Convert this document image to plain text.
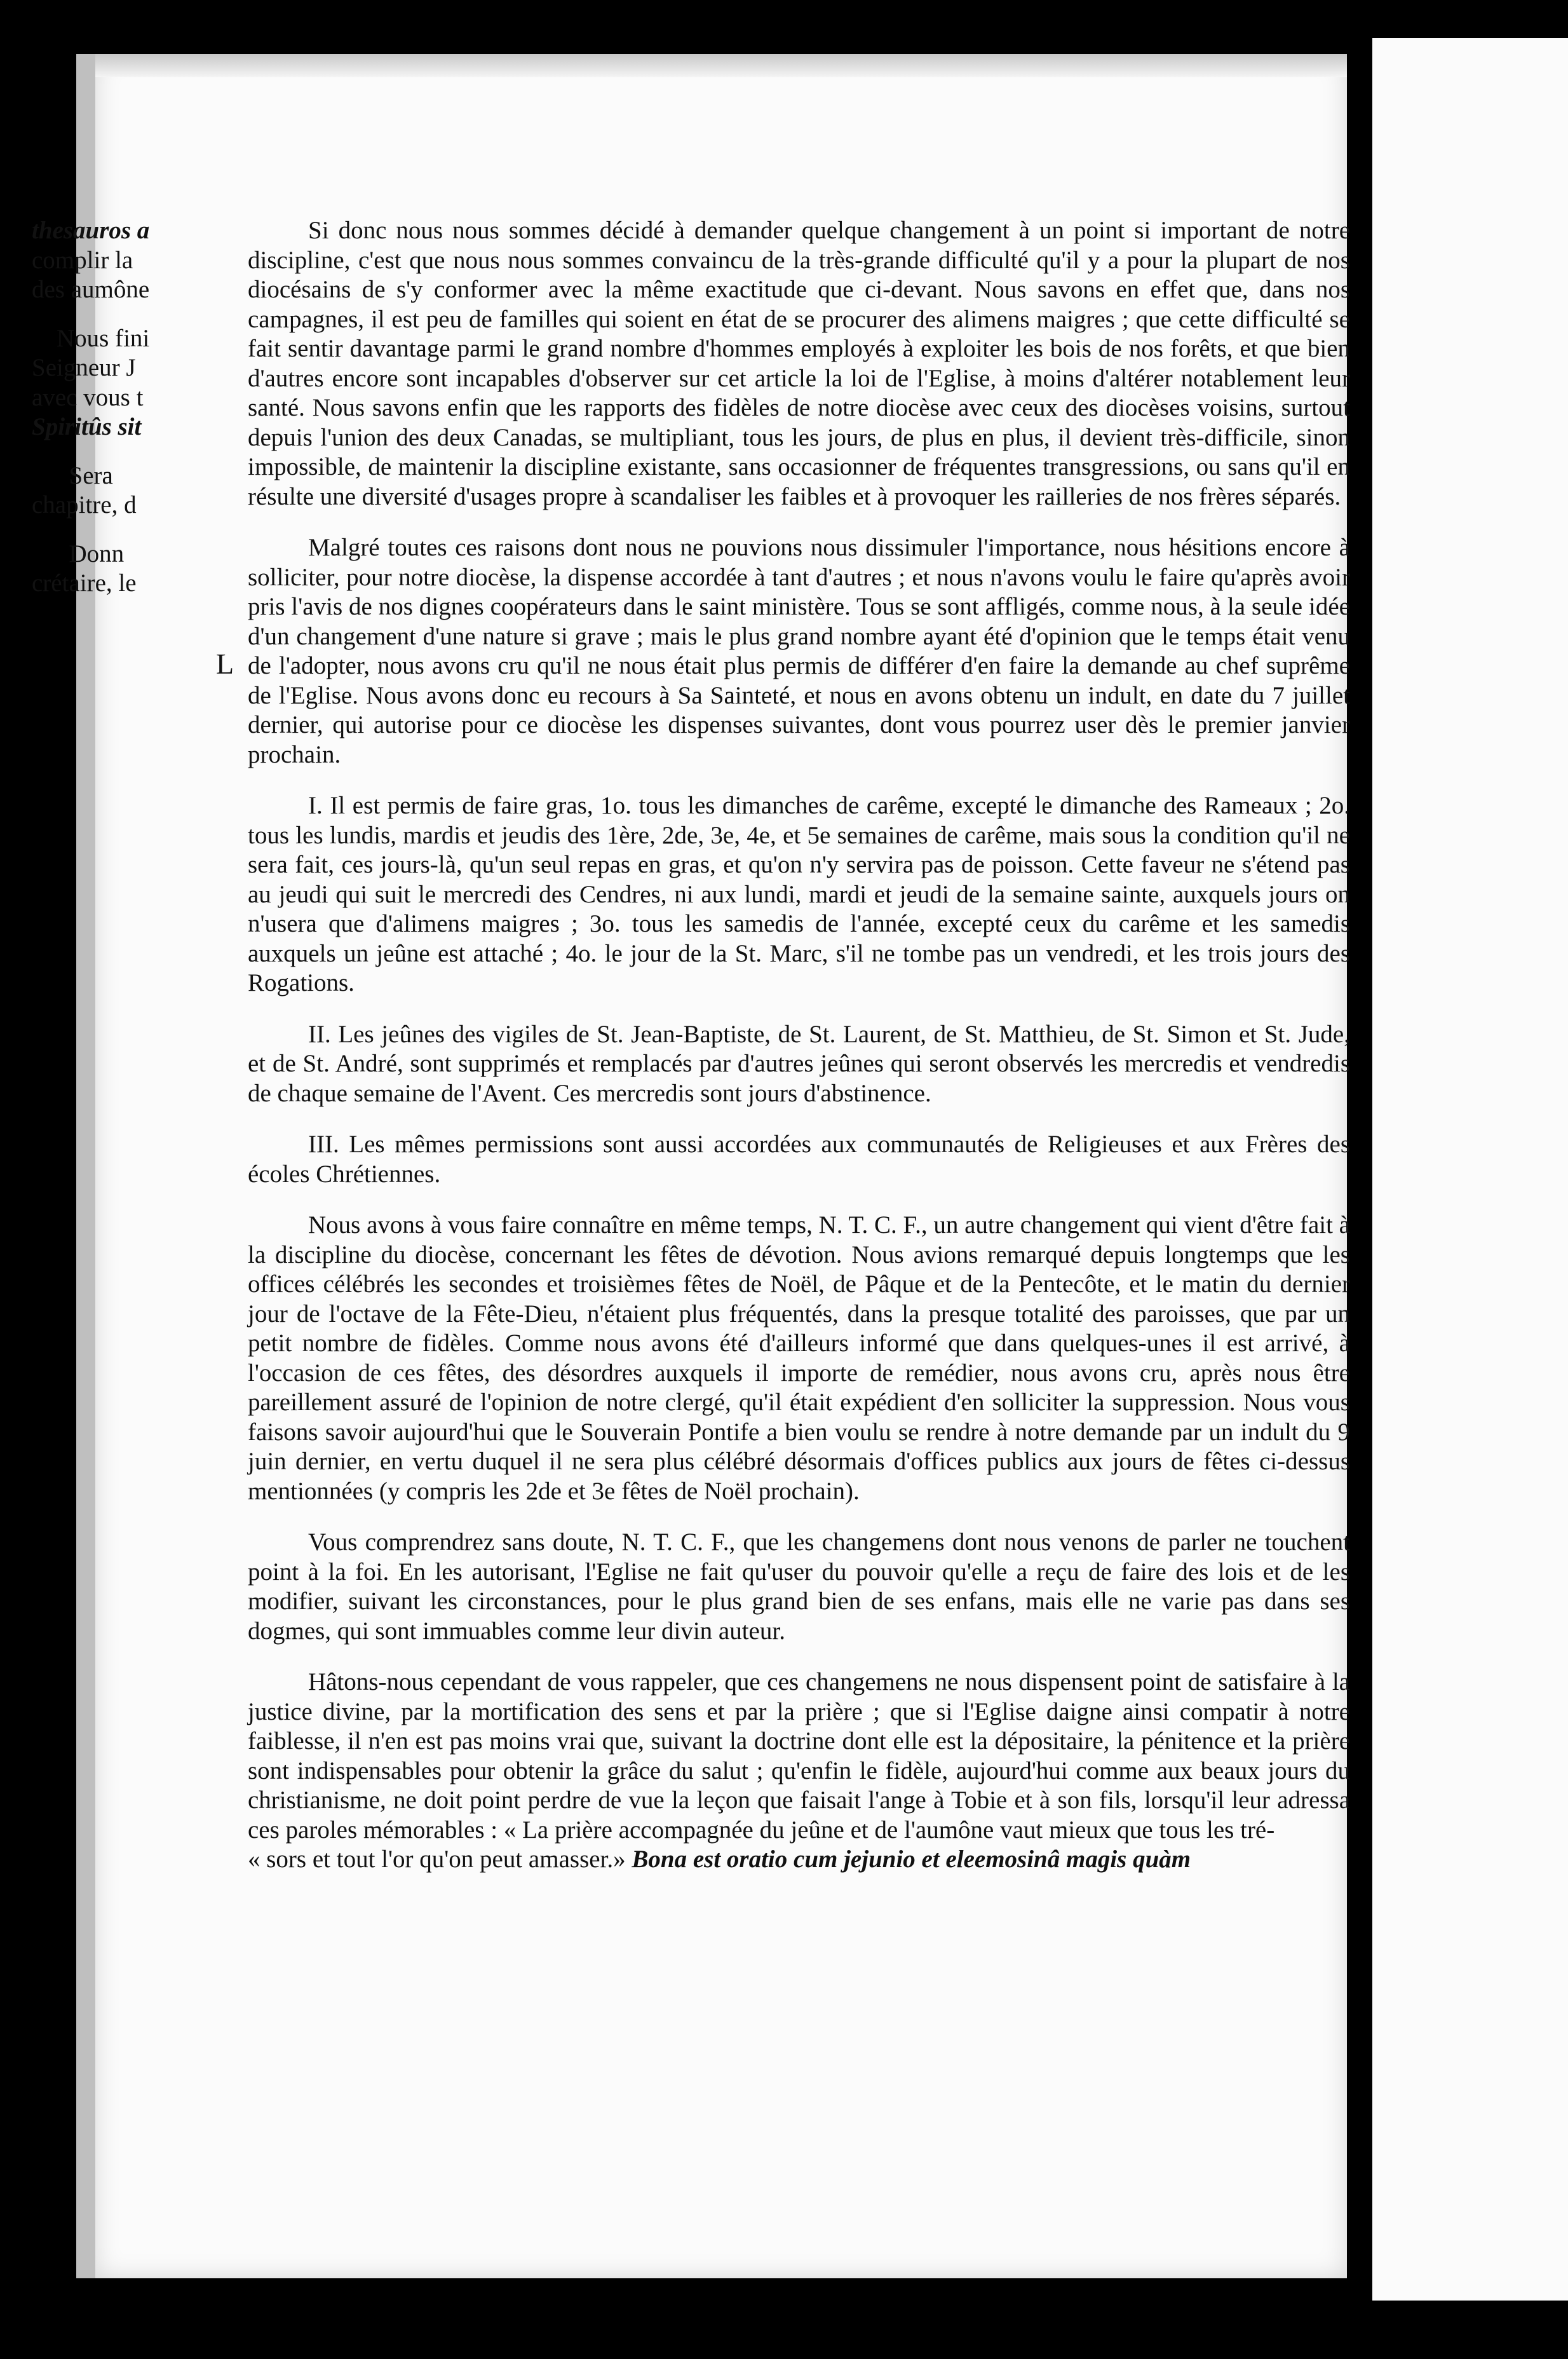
Si donc nous nous sommes décidé à demander quelque changement à un point si important de notre discipline, c'est que nous nous sommes convaincu de la très-grande difficulté qu'il y a pour la plupart de nos diocésains de s'y conformer avec la même exactitude que ci-devant. Nous savons en effet que, dans nos campagnes, il est peu de familles qui soient en état de se procurer des alimens maigres ; que cette difficulté se fait sentir davantage parmi le grand nombre d'hommes employés à exploiter les bois de nos forêts, et que bien d'autres encore sont incapables d'observer sur cet article la loi de l'Eglise, à moins d'altérer notablement leur santé. Nous savons enfin que les rapports des fidèles de notre diocèse avec ceux des diocèses voisins, surtout depuis l'union des deux Canadas, se multipliant, tous les jours, de plus en plus, il devient très-difficile, sinon impossible, de maintenir la discipline existante, sans occasionner de fréquentes transgressions, ou sans qu'il en résulte une diversité d'usages propre à scandaliser les faibles et à provoquer les railleries de nos frères séparés.

Malgré toutes ces raisons dont nous ne pouvions nous dissimuler l'importance, nous hésitions encore à solliciter, pour notre diocèse, la dispense accordée à tant d'autres ; et nous n'avons voulu le faire qu'après avoir pris l'avis de nos dignes coopérateurs dans le saint ministère. Tous se sont affligés, comme nous, à la seule idée d'un changement d'une nature si grave ; mais le plus grand nombre ayant été d'opinion que le temps était venu de l'adopter, nous avons cru qu'il ne nous était plus permis de différer d'en faire la demande au chef suprême de l'Eglise. Nous avons donc eu recours à Sa Sainteté, et nous en avons obtenu un indult, en date du 7 juillet dernier, qui autorise pour ce diocèse les dispenses suivantes, dont vous pourrez user dès le premier janvier prochain.

I. Il est permis de faire gras, 1o. tous les dimanches de carême, excepté le dimanche des Rameaux ; 2o. tous les lundis, mardis et jeudis des 1ère, 2de, 3e, 4e, et 5e semaines de carême, mais sous la condition qu'il ne sera fait, ces jours-là, qu'un seul repas en gras, et qu'on n'y servira pas de poisson. Cette faveur ne s'étend pas au jeudi qui suit le mercredi des Cendres, ni aux lundi, mardi et jeudi de la semaine sainte, auxquels jours on n'usera que d'alimens maigres ; 3o. tous les samedis de l'année, excepté ceux du carême et les samedis auxquels un jeûne est attaché ; 4o. le jour de la St. Marc, s'il ne tombe pas un vendredi, et les trois jours des Rogations.

II. Les jeûnes des vigiles de St. Jean-Baptiste, de St. Laurent, de St. Matthieu, de St. Simon et St. Jude, et de St. André, sont supprimés et remplacés par d'autres jeûnes qui seront observés les mercredis et vendredis de chaque semaine de l'Avent. Ces mercredis sont jours d'abstinence.

III. Les mêmes permissions sont aussi accordées aux communautés de Religieuses et aux Frères des écoles Chrétiennes.

Nous avons à vous faire connaître en même temps, N. T. C. F., un autre changement qui vient d'être fait à la discipline du diocèse, concernant les fêtes de dévotion. Nous avions remarqué depuis longtemps que les offices célébrés les secondes et troisièmes fêtes de Noël, de Pâque et de la Pentecôte, et le matin du dernier jour de l'octave de la Fête-Dieu, n'étaient plus fréquentés, dans la presque totalité des paroisses, que par un petit nombre de fidèles. Comme nous avons été d'ailleurs informé que dans quelques-unes il est arrivé, à l'occasion de ces fêtes, des désordres auxquels il importe de remédier, nous avons cru, après nous être pareillement assuré de l'opinion de notre clergé, qu'il était expédient d'en solliciter la suppression. Nous vous faisons savoir aujourd'hui que le Souverain Pontife a bien voulu se rendre à notre demande par un indult du 9 juin dernier, en vertu duquel il ne sera plus célébré désormais d'offices publics aux jours de fêtes ci-dessus mentionnées (y compris les 2de et 3e fêtes de Noël prochain).

Vous comprendrez sans doute, N. T. C. F., que les changemens dont nous venons de parler ne touchent point à la foi. En les autorisant, l'Eglise ne fait qu'user du pouvoir qu'elle a reçu de faire des lois et de les modifier, suivant les circonstances, pour le plus grand bien de ses enfans, mais elle ne varie pas dans ses dogmes, qui sont immuables comme leur divin auteur.

Hâtons-nous cependant de vous rappeler, que ces changemens ne nous dispensent point de satisfaire à la justice divine, par la mortification des sens et par la prière ; que si l'Eglise daigne ainsi compatir à notre faiblesse, il n'en est pas moins vrai que, suivant la doctrine dont elle est la dépositaire, la pénitence et la prière sont indispensables pour obtenir la grâce du salut ; qu'enfin le fidèle, aujourd'hui comme aux beaux jours du christianisme, ne doit point perdre de vue la leçon que faisait l'ange à Tobie et à son fils, lorsqu'il leur adressa ces paroles mémorables : « La prière accompagnée du jeûne et de l'aumône vaut mieux que tous les tré-

« sors et tout l'or qu'on peut amasser.» Bona est oratio cum jejunio et eleemosinâ magis quàm

thesauros a
complir la
des aumône
Nous fini
Seigneur J
avec vous t
Spiritûs sit
Sera
chapitre, d
Donn
crétaire, le
L
